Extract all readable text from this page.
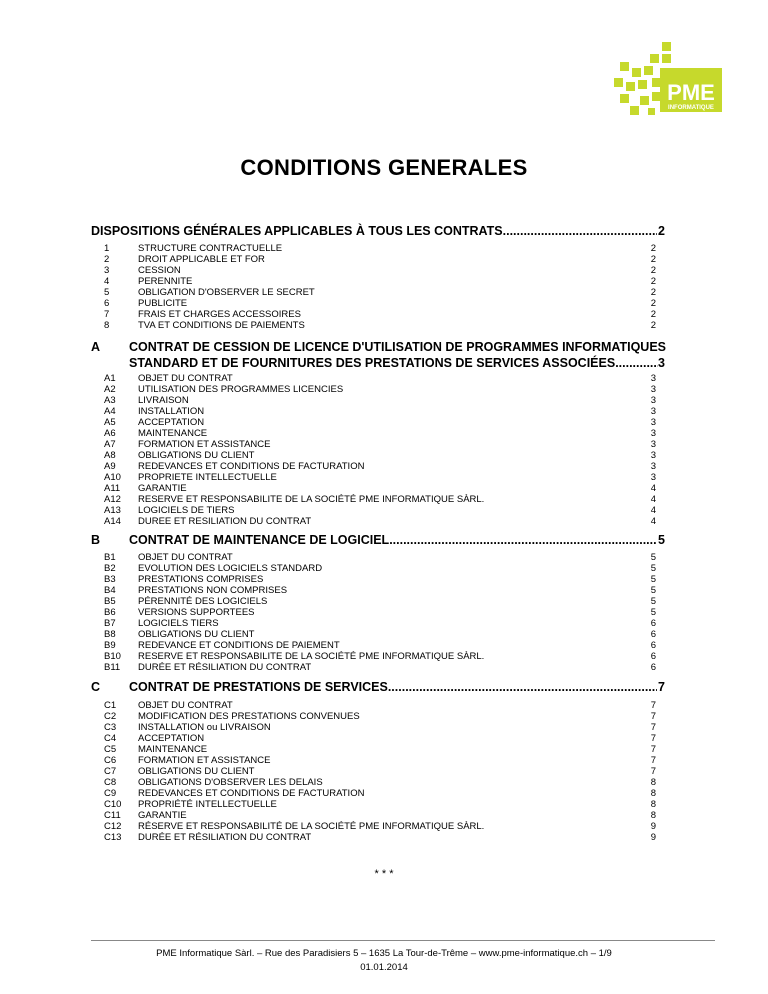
PME
INFORMATIQUE
CONDITIONS GENERALES
DISPOSITIONS GÉNÉRALES APPLICABLES À TOUS LES CONTRATS .....	2
1	STRUCTURE CONTRACTUELLE	2
2	DROIT APPLICABLE ET FOR	2
3	CESSION	2
4	PERENNITE	2
5	OBLIGATION D'OBSERVER LE SECRET	2
6	PUBLICITE	2
7	FRAIS ET CHARGES ACCESSOIRES	2
8	TVA ET CONDITIONS DE PAIEMENTS	2
A CONTRAT DE CESSION DE LICENCE D'UTILISATION DE PROGRAMMES INFORMATIQUES
STANDARD ET DE FOURNITURES DES PRESTATIONS DE SERVICES ASSOCIÉES .....	3
A1	OBJET DU CONTRAT	3
A2	UTILISATION DES PROGRAMMES LICENCIES	3
A3	LIVRAISON	3
A4	INSTALLATION	3
A5	ACCEPTATION	3
A6	MAINTENANCE	3
A7	FORMATION ET ASSISTANCE	3
A8	OBLIGATIONS DU CLIENT	3
A9	REDEVANCES ET CONDITIONS DE FACTURATION	3
A10	PROPRIETE INTELLECTUELLE	3
A11	GARANTIE	4
A12	RESERVE ET RESPONSABILITE DE LA SOCIÉTÉ PME INFORMATIQUE SÀRL.	4
A13	LOGICIELS DE TIERS	4
A14	DUREE ET RESILIATION DU CONTRAT	4
B	CONTRAT DE MAINTENANCE DE LOGICIEL .....	5
B1	OBJET DU CONTRAT	5
B2	EVOLUTION DES LOGICIELS STANDARD	5
B3	PRESTATIONS COMPRISES	5
B4	PRESTATIONS NON COMPRISES	5
B5	PÉRENNITÉ DES LOGICIELS	5
B6	VERSIONS SUPPORTEES	5
B7	LOGICIELS TIERS	6
B8	OBLIGATIONS DU CLIENT	6
B9	REDEVANCE ET CONDITIONS DE PAIEMENT	6
B10	RESERVE ET RESPONSABILITE DE LA SOCIÉTÉ PME INFORMATIQUE SÀRL.	6
B11	DURÉE ET RÉSILIATION DU CONTRAT	6
C	CONTRAT DE PRESTATIONS DE SERVICES .....	7
C1	OBJET DU CONTRAT	7
C2	MODIFICATION DES PRESTATIONS CONVENUES	7
C3	INSTALLATION ou LIVRAISON	7
C4	ACCEPTATION	7
C5	MAINTENANCE	7
C6	FORMATION ET ASSISTANCE	7
C7	OBLIGATIONS DU CLIENT	7
C8	OBLIGATIONS D'OBSERVER LES DELAIS	8
C9	REDEVANCES ET CONDITIONS DE FACTURATION	8
C10	PROPRIÉTÉ INTELLECTUELLE	8
C11	GARANTIE	8
C12	RÉSERVE ET RESPONSABILITÉ DE LA SOCIÉTÉ PME INFORMATIQUE SÀRL.	9
C13	DURÉE ET RÉSILIATION DU CONTRAT	9
* * *
PME Informatique Sàrl. – Rue des Paradisiers 5 – 1635 La Tour-de-Trême – www.pme-informatique.ch – 1/9
01.01.2014
